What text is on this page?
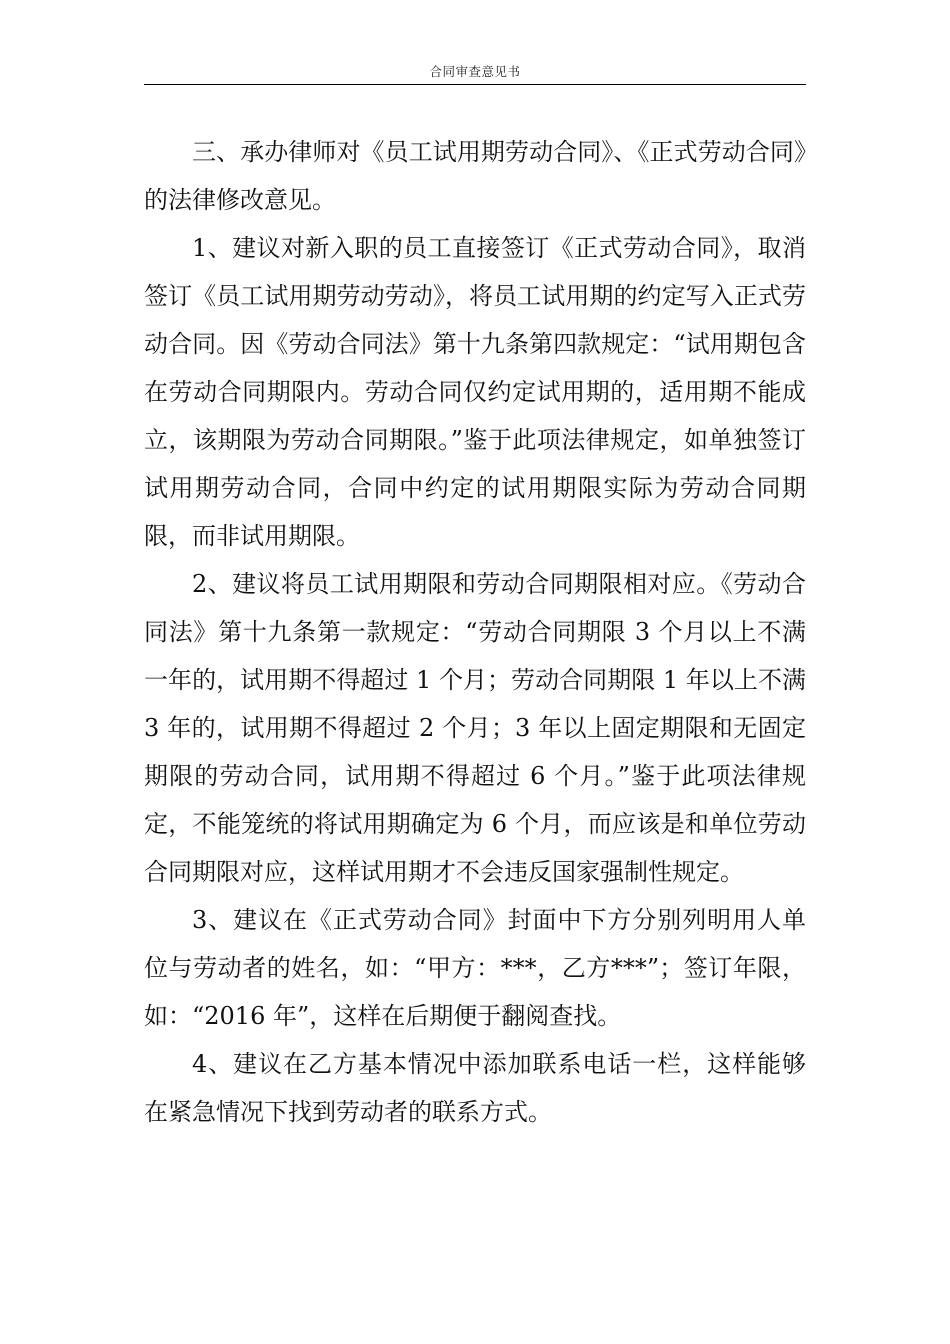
合同审查意见书

三、承办律师对《员工试用期劳动合同》、《正式劳动合同》的法律修改意见。

1、建议对新入职的员工直接签订《正式劳动合同》，取消签订《员工试用期劳动劳动》，将员工试用期的约定写入正式劳动合同。因《劳动合同法》第十九条第四款规定：“试用期包含在劳动合同期限内。劳动合同仅约定试用期的，适用期不能成立，该期限为劳动合同期限。”鉴于此项法律规定，如单独签订试用期劳动合同，合同中约定的试用期限实际为劳动合同期限，而非试用期限。

2、建议将员工试用期限和劳动合同期限相对应。《劳动合同法》第十九条第一款规定：“劳动合同期限 3 个月以上不满一年的，试用期不得超过 1 个月；劳动合同期限 1 年以上不满 3 年的，试用期不得超过 2 个月；3 年以上固定期限和无固定期限的劳动合同，试用期不得超过 6 个月。”鉴于此项法律规定，不能笼统的将试用期确定为 6 个月，而应该是和单位劳动合同期限对应，这样试用期才不会违反国家强制性规定。

3、建议在《正式劳动合同》封面中下方分别列明用人单位与劳动者的姓名，如：“甲方：***，乙方***”；签订年限，如：“2016 年”，这样在后期便于翻阅查找。

4、建议在乙方基本情况中添加联系电话一栏，这样能够在紧急情况下找到劳动者的联系方式。
